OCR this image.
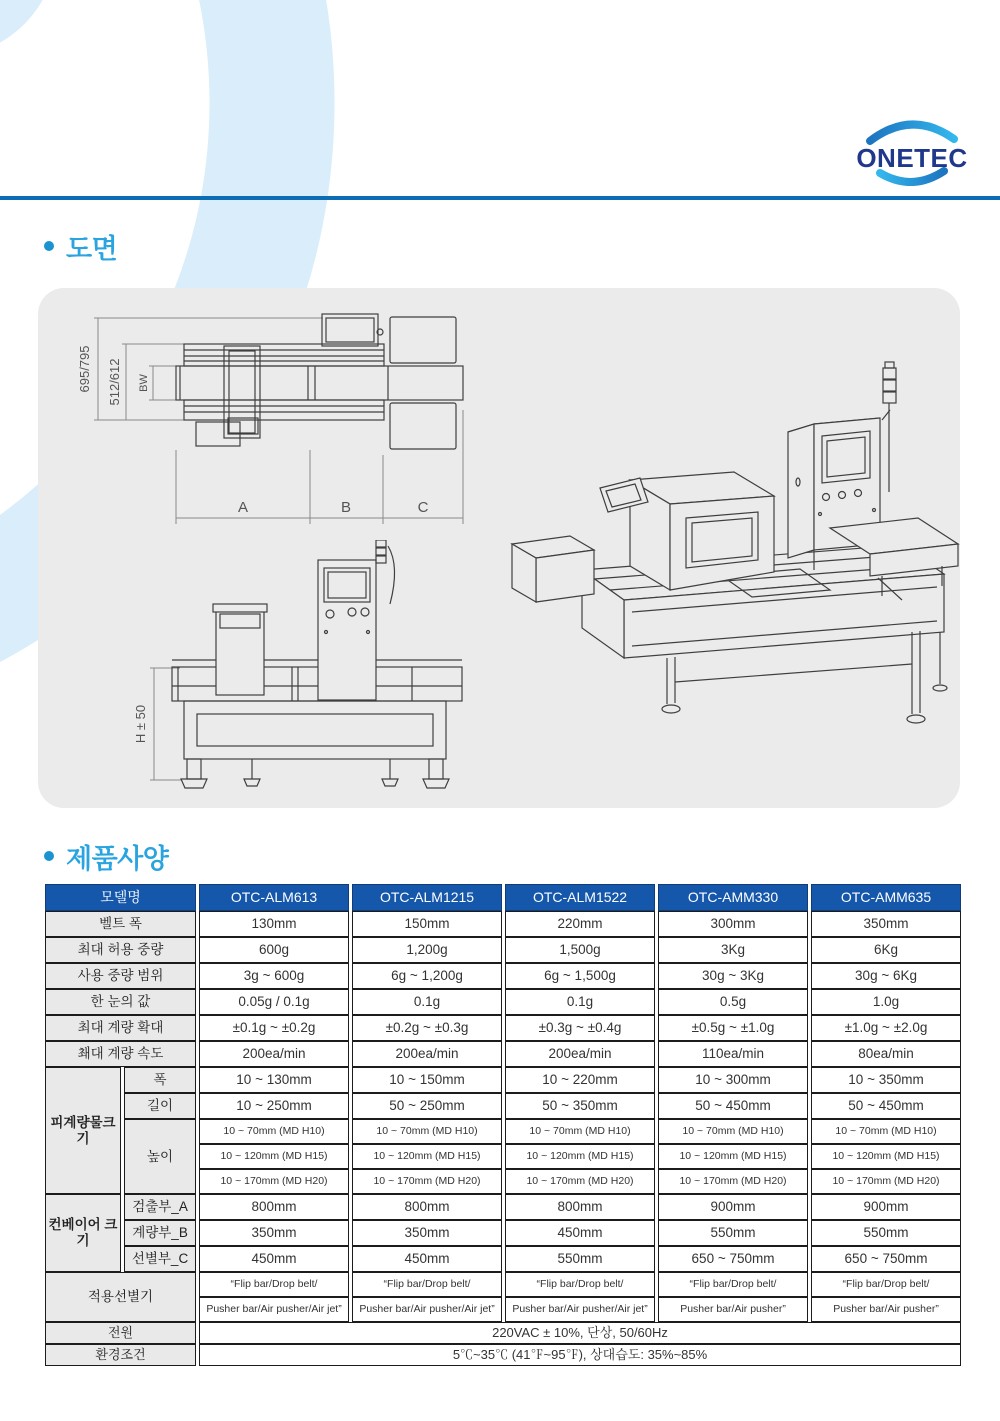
ONETEC
도면
695/795 512/612 BW
A	B	C
H ± 50
제품사양
모델명		OTC-ALM613	OTC-ALM1215	OTC-ALM1522	OTC-AMM330	OTC-AMM635
벨트 폭		130mm	150mm	220mm	300mm	350mm
최대 허용 중량		600g	1,200g	1,500g	3Kg	6Kg
사용 중량 범위		3g ~ 600g	6g ~ 1,200g	6g ~ 1,500g	30g ~ 3Kg	30g ~ 6Kg
한 눈의 값		0.05g / 0.1g	0.1g	0.1g	0.5g	1.0g
최대 계량 확대		±0.1g ~ ±0.2g	±0.2g ~ ±0.3g	±0.3g ~ ±0.4g	±0.5g ~ ±1.0g	±1.0g ~ ±2.0g
쵀대 계량 속도		200ea/min	200ea/min	200ea/min	110ea/min	80ea/min
피계량물크기	폭	10 ~ 130mm	10 ~ 150mm	10 ~ 220mm	10 ~ 300mm	10 ~ 350mm
	길이	10 ~ 250mm	50 ~ 250mm	50 ~ 350mm	50 ~ 450mm	50 ~ 450mm
	높이	10 ~ 70mm (MD H10)	10 ~ 70mm (MD H10)	10 ~ 70mm (MD H10)	10 ~ 70mm (MD H10)	10 ~ 70mm (MD H10)
		10 ~ 120mm (MD H15)	10 ~ 120mm (MD H15)	10 ~ 120mm (MD H15)	10 ~ 120mm (MD H15)	10 ~ 120mm (MD H15)
		10 ~ 170mm (MD H20)	10 ~ 170mm (MD H20)	10 ~ 170mm (MD H20)	10 ~ 170mm (MD H20)	10 ~ 170mm (MD H20)
컨베이어 크기	검출부_A	800mm	800mm	800mm	900mm	900mm
	계량부_B	350mm	350mm	450mm	550mm	550mm
	선별부_C	450mm	450mm	550mm	650 ~ 750mm	650 ~ 750mm
적용선별기		“Flip bar/Drop belt/	“Flip bar/Drop belt/	“Flip bar/Drop belt/	“Flip bar/Drop belt/	“Flip bar/Drop belt/
		Pusher bar/Air pusher/Air jet”	Pusher bar/Air pusher/Air jet”	Pusher bar/Air pusher/Air jet”	Pusher bar/Air pusher”	Pusher bar/Air pusher”
전원		220VAC ± 10%, 단상, 50/60Hz				
환경조건		5℃~35℃ (41℉~95℉), 상대습도: 35%~85%				
